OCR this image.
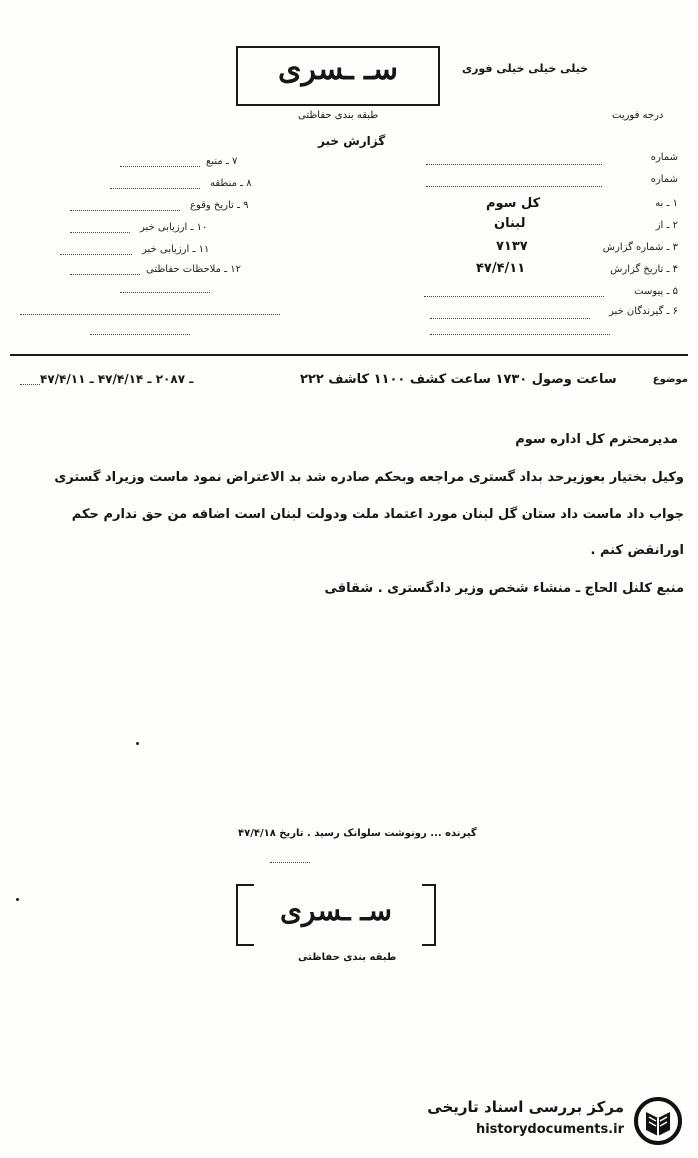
سـ ـسری	خیلی خیلی خیلی فوری
طبقه بندی حفاظتی	درجه فوریت
گزارش خبر
شماره
شماره
۱ ـ به
کل سوم
۲ ـ از
لبنان
۳ ـ شماره گزارش
۷۱۳۷
۴ ـ تاریخ گزارش
۴۷/۴/۱۱
۵ ـ پیوست
۶ ـ گیرندگان خبر
۷ ـ منبع
۸ ـ منطقه
۹ ـ تاریخ وقوع
۱۰ ـ ارزیابی خبر
۱۱ ـ ارزیابی خبر
۱۲ ـ ملاحظات حفاظتی
موضوع
ساعت وصول ۱۷۳۰ ساعت کشف ۱۱۰۰ کاشف ۲۲۲
۴۷/۴/۱۱ ـ ۲۰۸۷ ـ ۴۷/۴/۱۴ ـ
مدیرمحترم کل اداره سوم
وکیل بختیار بعوزیرحد بداد گستری مراجعه وبحکم صادره شد بد الاعتراض نمود ماست وزیراد گستری
جواب داد ماست داد ستان گل لبنان مورد اعتماد ملت ودولت لبنان است اضافه من حق ندارم حکم
اورانقض کنم .
منبع کلنل الحاج ـ منشاء شخص وزیر دادگستری . شقاقی
گیرنده ... رونوشت سلوانک رسید . تاریخ ۴۷/۴/۱۸
سـ ـسری
طبقه بندی حفاظتی
مرکز بررسی اسناد تاریخی
historydocuments.ir
